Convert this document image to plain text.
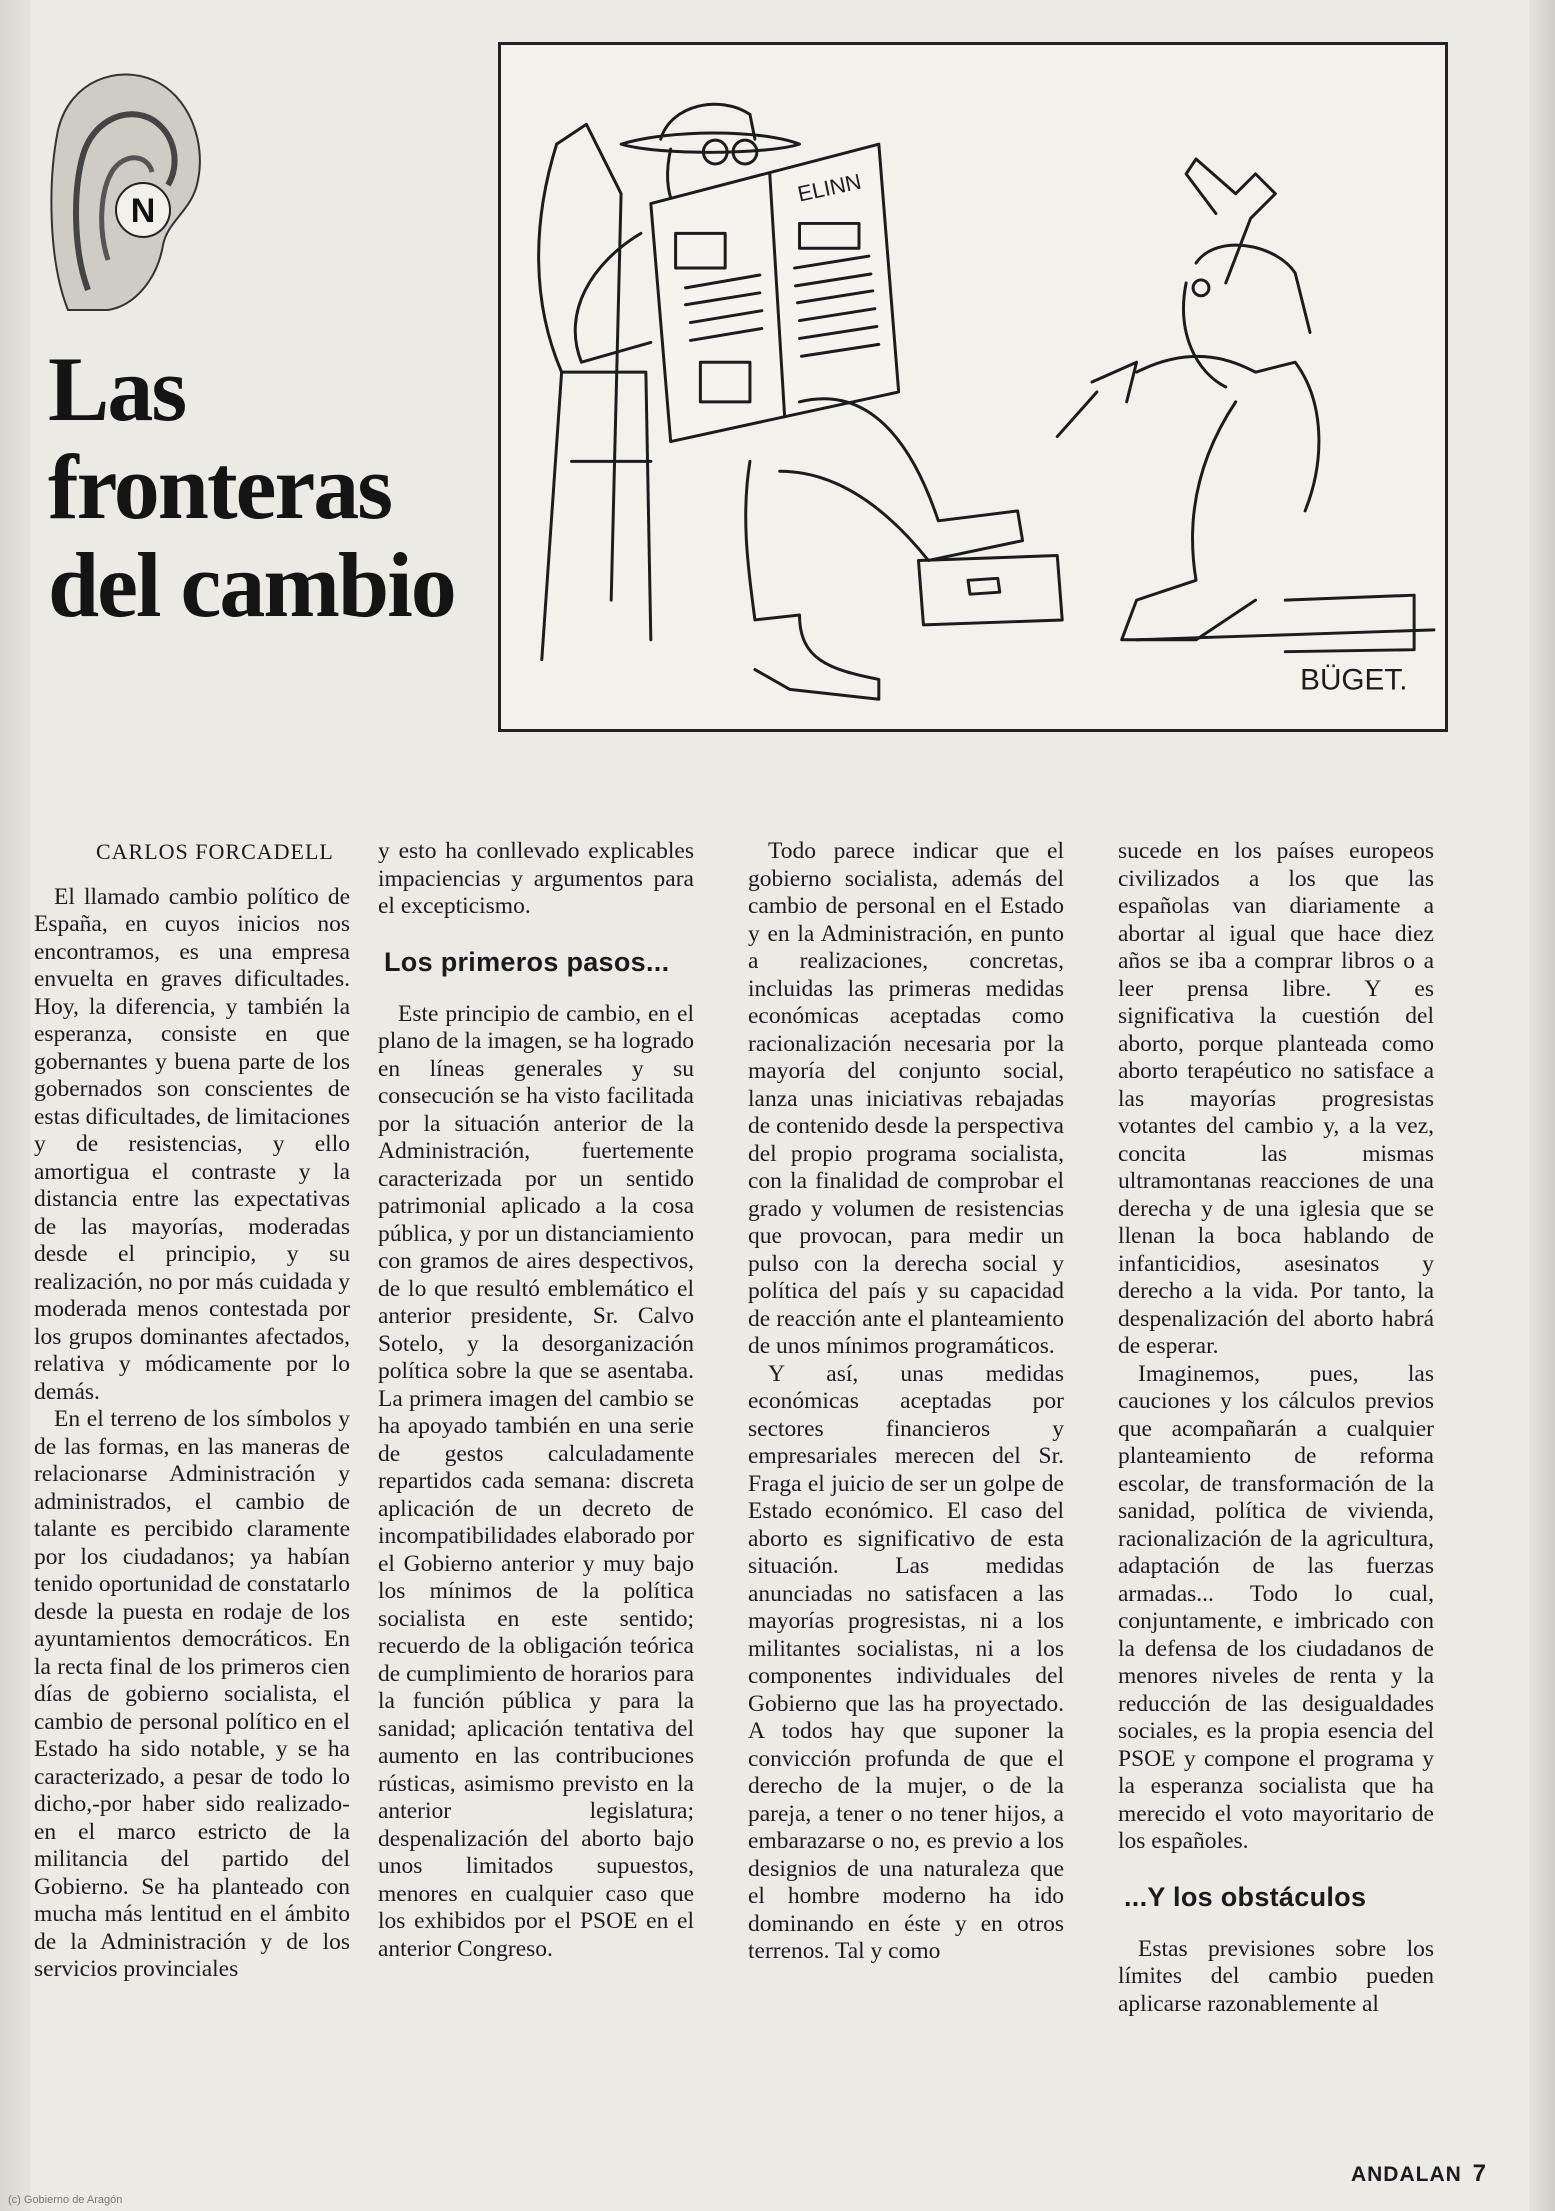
N
Las
fronteras
del cambio
BÜGET.
ELINN

CARLOS FORCADELL

El llamado cambio político de España, en cuyos inicios nos encontramos, es una empresa envuelta en graves dificultades. Hoy, la diferencia, y también la esperanza, consiste en que gobernantes y buena parte de los gobernados son conscientes de estas dificultades, de limitaciones y de resistencias, y ello amortigua el contraste y la distancia entre las expectativas de las mayorías, moderadas desde el principio, y su realización, no por más cuidada y moderada menos contestada por los grupos dominantes afectados, relativa y módicamente por lo demás.

En el terreno de los símbolos y de las formas, en las maneras de relacionarse Administración y administrados, el cambio de talante es percibido claramente por los ciudadanos; ya habían tenido oportunidad de constatarlo desde la puesta en rodaje de los ayuntamientos democráticos. En la recta final de los primeros cien días de gobierno socialista, el cambio de personal político en el Estado ha sido notable, y se ha caracterizado, a pesar de todo lo dicho,-por haber sido realizado-en el marco estricto de la militancia del partido del Gobierno. Se ha planteado con mucha más lentitud en el ámbito de la Administración y de los servicios provinciales

y esto ha conllevado explicables impaciencias y argumentos para el excepticismo.

Los primeros pasos...

Este principio de cambio, en el plano de la imagen, se ha logrado en líneas generales y su consecución se ha visto facilitada por la situación anterior de la Administración, fuertemente caracterizada por un sentido patrimonial aplicado a la cosa pública, y por un distanciamiento con gramos de aires despectivos, de lo que resultó emblemático el anterior presidente, Sr. Calvo Sotelo, y la desorganización política sobre la que se asentaba. La primera imagen del cambio se ha apoyado también en una serie de gestos calculadamente repartidos cada semana: discreta aplicación de un decreto de incompatibilidades elaborado por el Gobierno anterior y muy bajo los mínimos de la política socialista en este sentido; recuerdo de la obligación teórica de cumplimiento de horarios para la función pública y para la sanidad; aplicación tentativa del aumento en las contribuciones rústicas, asimismo previsto en la anterior legislatura; despenalización del aborto bajo unos limitados supuestos, menores en cualquier caso que los exhibidos por el PSOE en el anterior Congreso.

Todo parece indicar que el gobierno socialista, además del cambio de personal en el Estado y en la Administración, en punto a realizaciones, concretas, incluidas las primeras medidas económicas aceptadas como racionalización necesaria por la mayoría del conjunto social, lanza unas iniciativas rebajadas de contenido desde la perspectiva del propio programa socialista, con la finalidad de comprobar el grado y volumen de resistencias que provocan, para medir un pulso con la derecha social y política del país y su capacidad de reacción ante el planteamiento de unos mínimos programáticos.

Y así, unas medidas económicas aceptadas por sectores financieros y empresariales merecen del Sr. Fraga el juicio de ser un golpe de Estado económico. El caso del aborto es significativo de esta situación. Las medidas anunciadas no satisfacen a las mayorías progresistas, ni a los militantes socialistas, ni a los componentes individuales del Gobierno que las ha proyectado. A todos hay que suponer la convicción profunda de que el derecho de la mujer, o de la pareja, a tener o no tener hijos, a embarazarse o no, es previo a los designios de una naturaleza que el hombre moderno ha ido dominando en éste y en otros terrenos. Tal y como

sucede en los países europeos civilizados a los que las españolas van diariamente a abortar al igual que hace diez años se iba a comprar libros o a leer prensa libre. Y es significativa la cuestión del aborto, porque planteada como aborto terapéutico no satisface a las mayorías progresistas votantes del cambio y, a la vez, concita las mismas ultramontanas reacciones de una derecha y de una iglesia que se llenan la boca hablando de infanticidios, asesinatos y derecho a la vida. Por tanto, la despenalización del aborto habrá de esperar.

Imaginemos, pues, las cauciones y los cálculos previos que acompañarán a cualquier planteamiento de reforma escolar, de transformación de la sanidad, política de vivienda, racionalización de la agricultura, adaptación de las fuerzas armadas... Todo lo cual, conjuntamente, e imbricado con la defensa de los ciudadanos de menores niveles de renta y la reducción de las desigualdades sociales, es la propia esencia del PSOE y compone el programa y la esperanza socialista que ha merecido el voto mayoritario de los españoles.

...Y los obstáculos

Estas previsiones sobre los límites del cambio pueden aplicarse razonablemente al

ANDALAN 7
(c) Gobierno de Aragón
